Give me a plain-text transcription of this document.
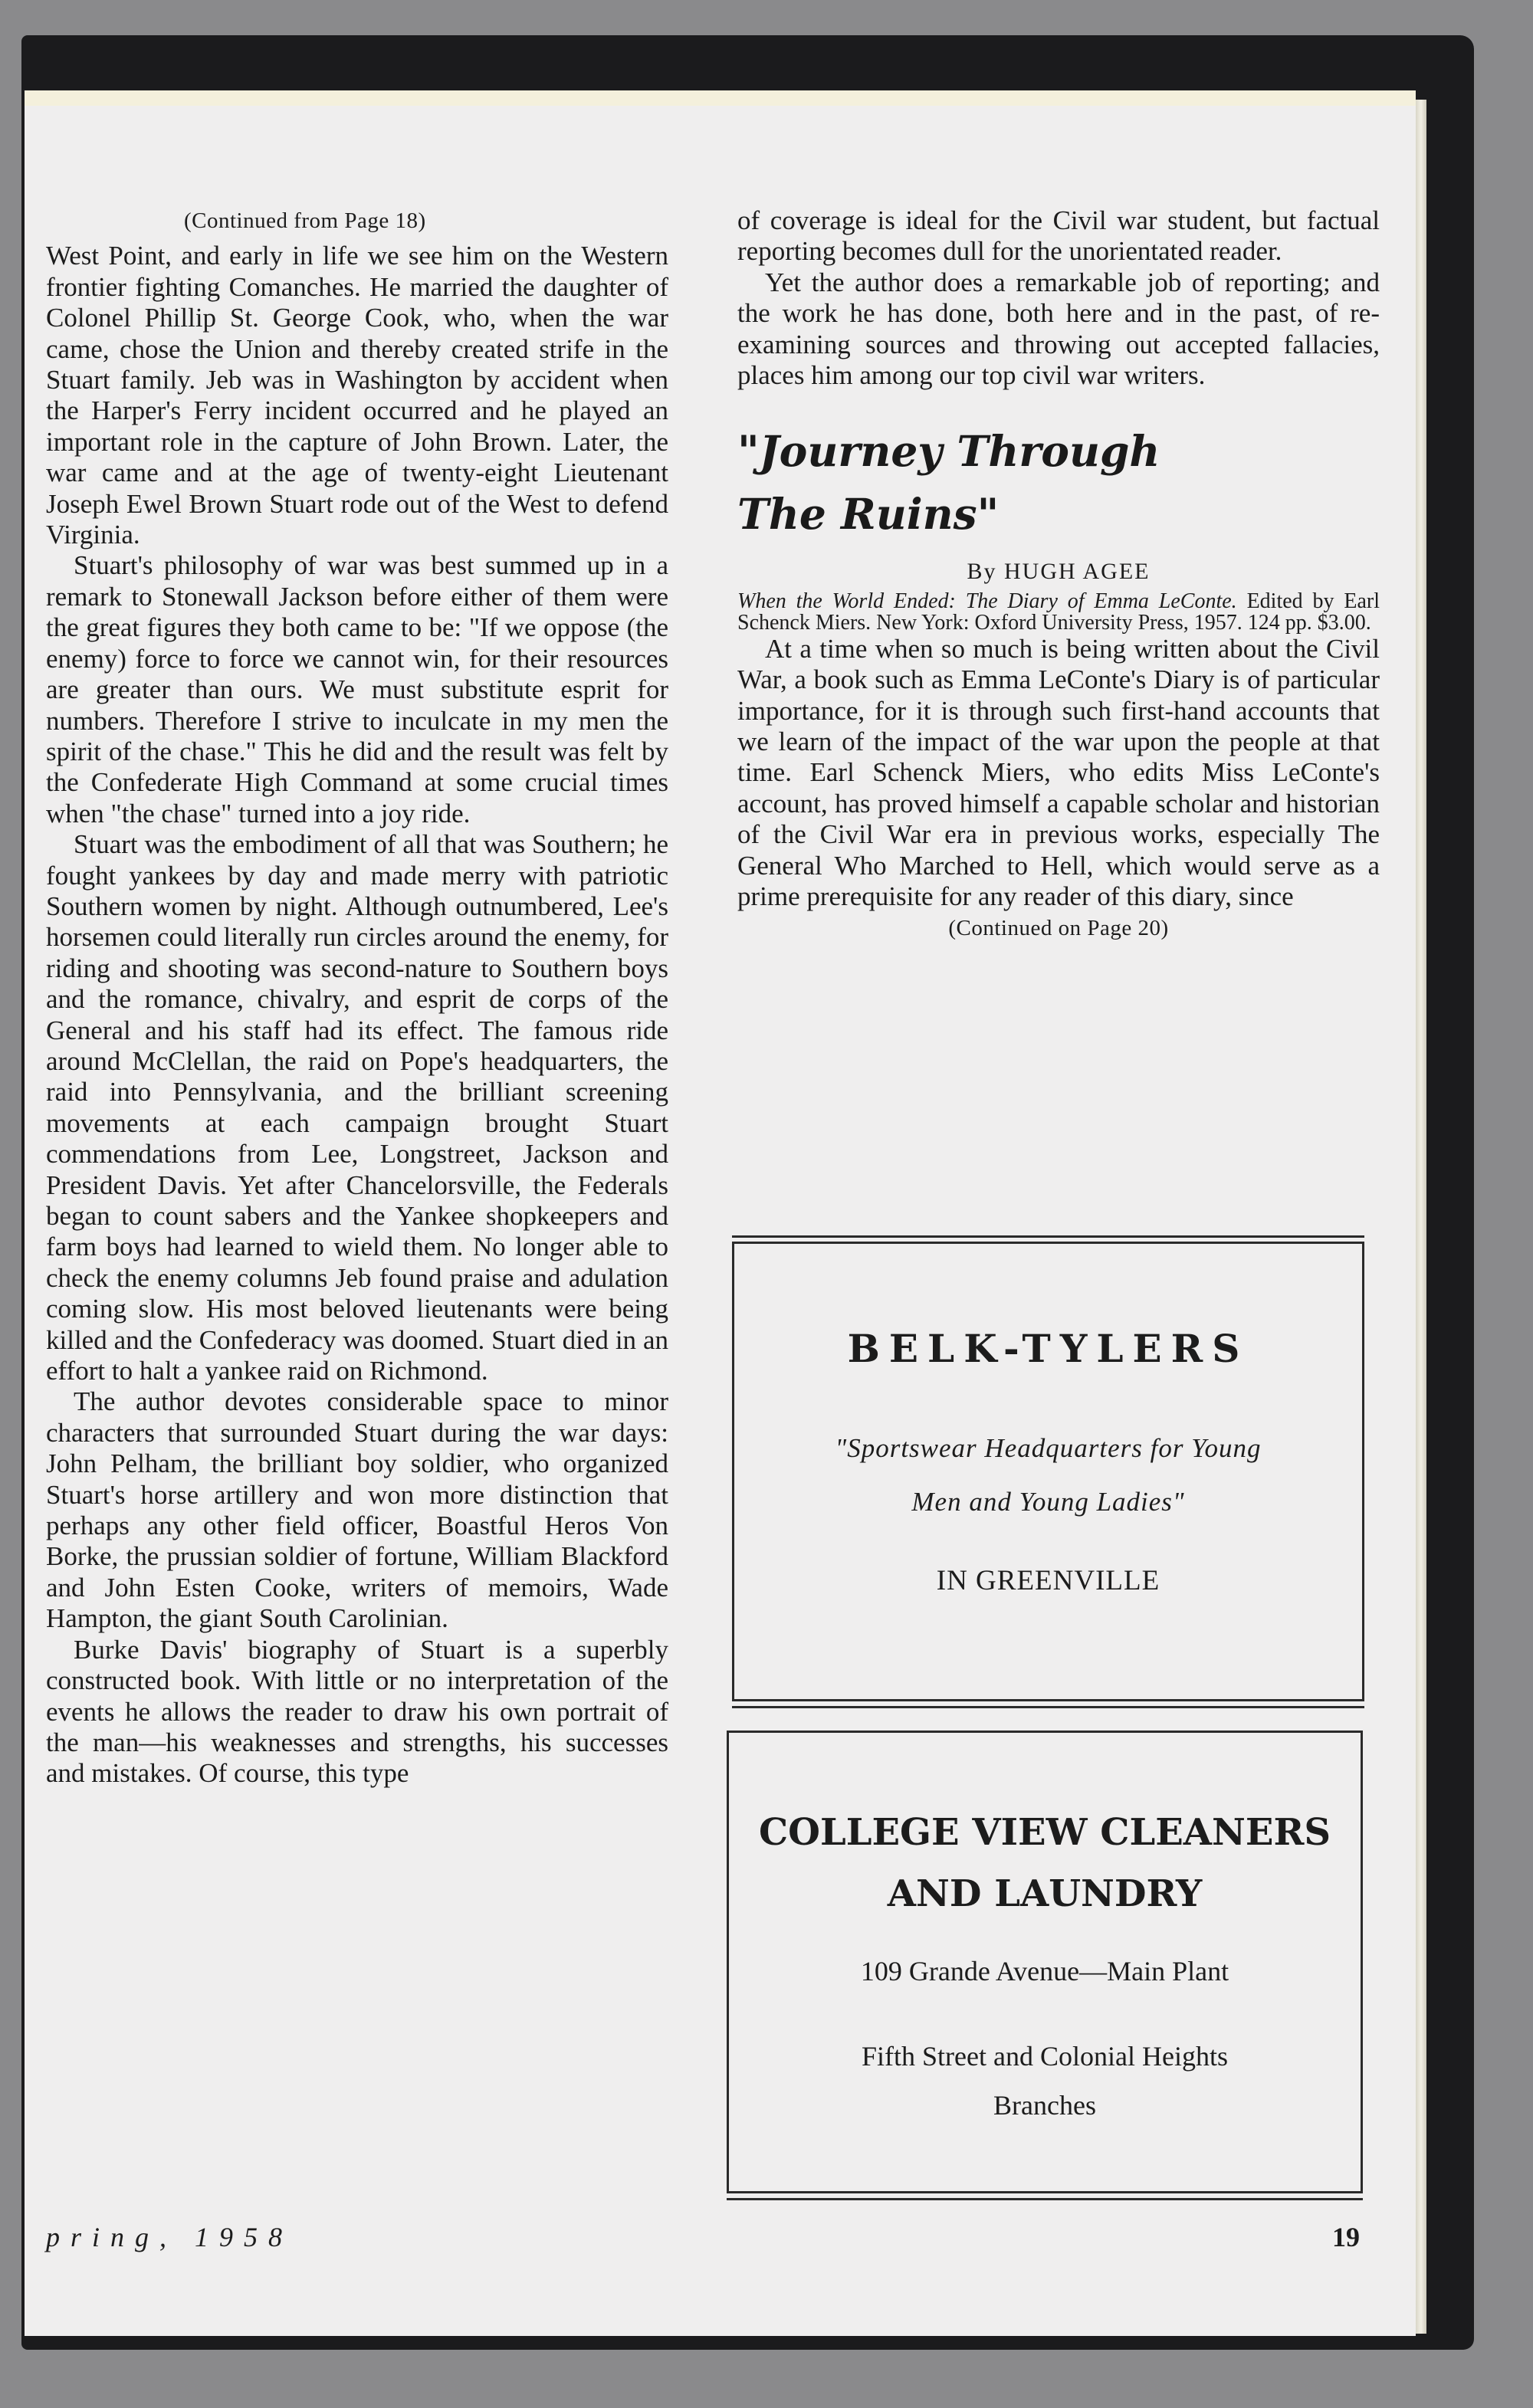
(Continued from Page 18)

West Point, and early in life we see him on the Western frontier fighting Comanches. He married the daughter of Colonel Phillip St. George Cook, who, when the war came, chose the Union and thereby created strife in the Stuart family. Jeb was in Washington by accident when the Harper's Ferry incident occurred and he played an important role in the capture of John Brown. Later, the war came and at the age of twenty-eight Lieutenant Joseph Ewel Brown Stuart rode out of the West to defend Virginia.

Stuart's philosophy of war was best summed up in a remark to Stonewall Jackson before either of them were the great figures they both came to be: "If we oppose (the enemy) force to force we cannot win, for their resources are greater than ours. We must substitute esprit for numbers. Therefore I strive to inculcate in my men the spirit of the chase." This he did and the result was felt by the Confederate High Command at some crucial times when "the chase" turned into a joy ride.

Stuart was the embodiment of all that was Southern; he fought yankees by day and made merry with patriotic Southern women by night. Although outnumbered, Lee's horsemen could literally run circles around the enemy, for riding and shooting was second-nature to Southern boys and the romance, chivalry, and esprit de corps of the General and his staff had its effect. The famous ride around McClellan, the raid on Pope's headquarters, the raid into Pennsylvania, and the brilliant screening movements at each campaign brought Stuart commendations from Lee, Longstreet, Jackson and President Davis. Yet after Chancelorsville, the Federals began to count sabers and the Yankee shopkeepers and farm boys had learned to wield them. No longer able to check the enemy columns Jeb found praise and adulation coming slow. His most beloved lieutenants were being killed and the Confederacy was doomed. Stuart died in an effort to halt a yankee raid on Richmond.

The author devotes considerable space to minor characters that surrounded Stuart during the war days: John Pelham, the brilliant boy soldier, who organized Stuart's horse artillery and won more distinction that perhaps any other field officer, Boastful Heros Von Borke, the prussian soldier of fortune, William Blackford and John Esten Cooke, writers of memoirs, Wade Hampton, the giant South Carolinian.

Burke Davis' biography of Stuart is a superbly constructed book. With little or no interpretation of the events he allows the reader to draw his own portrait of the man—his weaknesses and strengths, his successes and mistakes. Of course, this type

of coverage is ideal for the Civil war student, but factual reporting becomes dull for the unorientated reader.

Yet the author does a remarkable job of reporting; and the work he has done, both here and in the past, of re-examining sources and throwing out accepted fallacies, places him among our top civil war writers.

"Journey Through
The Ruins"
By HUGH AGEE

When the World Ended: The Diary of Emma LeConte. Edited by Earl Schenck Miers. New York: Oxford University Press, 1957. 124 pp. $3.00.

At a time when so much is being written about the Civil War, a book such as Emma LeConte's Diary is of particular importance, for it is through such first-hand accounts that we learn of the impact of the war upon the people at that time. Earl Schenck Miers, who edits Miss LeConte's account, has proved himself a capable scholar and historian of the Civil War era in previous works, especially The General Who Marched to Hell, which would serve as a prime prerequisite for any reader of this diary, since

(Continued on Page 20)
BELK-TYLERS
"Sportswear Headquarters for Young
Men and Young Ladies"
IN GREENVILLE
COLLEGE VIEW CLEANERS
AND LAUNDRY
109 Grande Avenue—Main Plant
Fifth Street and Colonial Heights
Branches
pring, 1958	19
